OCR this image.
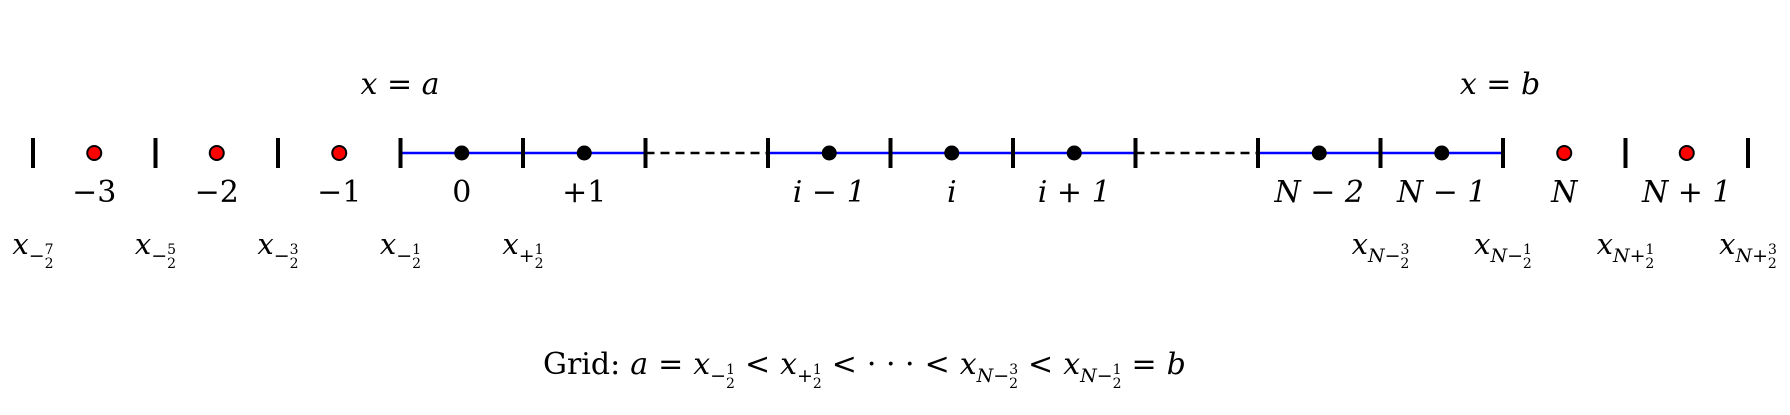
−3	−2	−1	0	+1	i − 1	i	i + 1	N − 2 N − 1 N N + 1
$x_-^7$ 2
$x_-^5$ 2
$x_-^3$ 2
$x_-^1$ 2
$x_+^1$ 2
$x_{N-}^3$ 2
$x_{N-}^1$ 2
$x_{N+}^1$ 2
$x_{N+}^3$ 2
x = a	x = b
Grid: $a = x_-^1$ $2< x_+^1$ 2< · · · < $x_{N-}^3$ $2< x_{N-}^1$ 2= b
